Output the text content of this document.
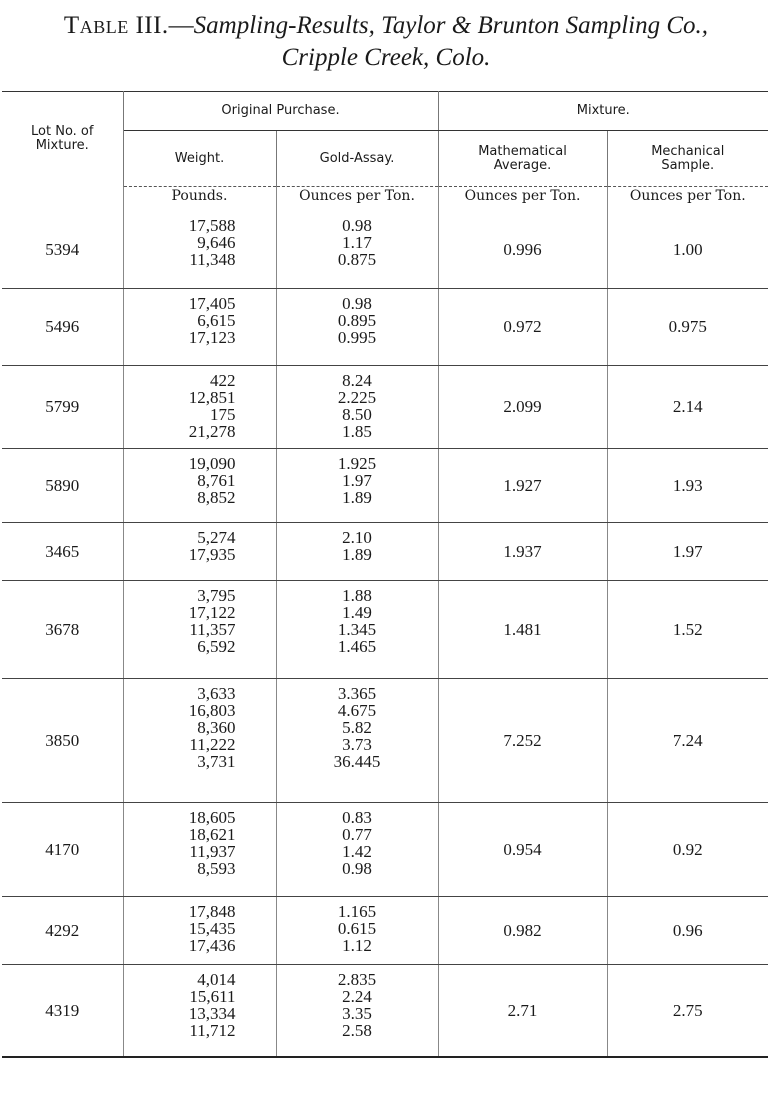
Table III.—Sampling-Results, Taylor & Brunton Sampling Co.,
Cripple Creek, Colo.
Lot No. of Mixture.	Original Purchase.		Mixture.	
	Weight.	Gold-Assay.	Mathematical Average.	Mechanical Sample.
	Pounds.	Ounces per Ton.	Ounces per Ton.	Ounces per Ton.
5394	17,588
9,646
11,348	0.98
1.17
0.875	0.996	1.00
5496	17,405
6,615
17,123	0.98
0.895
0.995	0.972	0.975
5799	422
12,851
175
21,278	8.24
2.225
8.50
1.85	2.099	2.14
5890	19,090
8,761
8,852	1.925
1.97
1.89	1.927	1.93
3465	5,274
17,935	2.10
1.89	1.937	1.97
3678	3,795
17,122
11,357
6,592	1.88
1.49
1.345
1.465	1.481	1.52
3850	3,633
16,803
8,360
11,222
3,731	3.365
4.675
5.82
3.73
36.445	7.252	7.24
4170	18,605
18,621
11,937
8,593	0.83
0.77
1.42
0.98	0.954	0.92
4292	17,848
15,435
17,436	1.165
0.615
1.12	0.982	0.96
4319	4,014
15,611
13,334
11,712	2.835
2.24
3.35
2.58	2.71	2.75
